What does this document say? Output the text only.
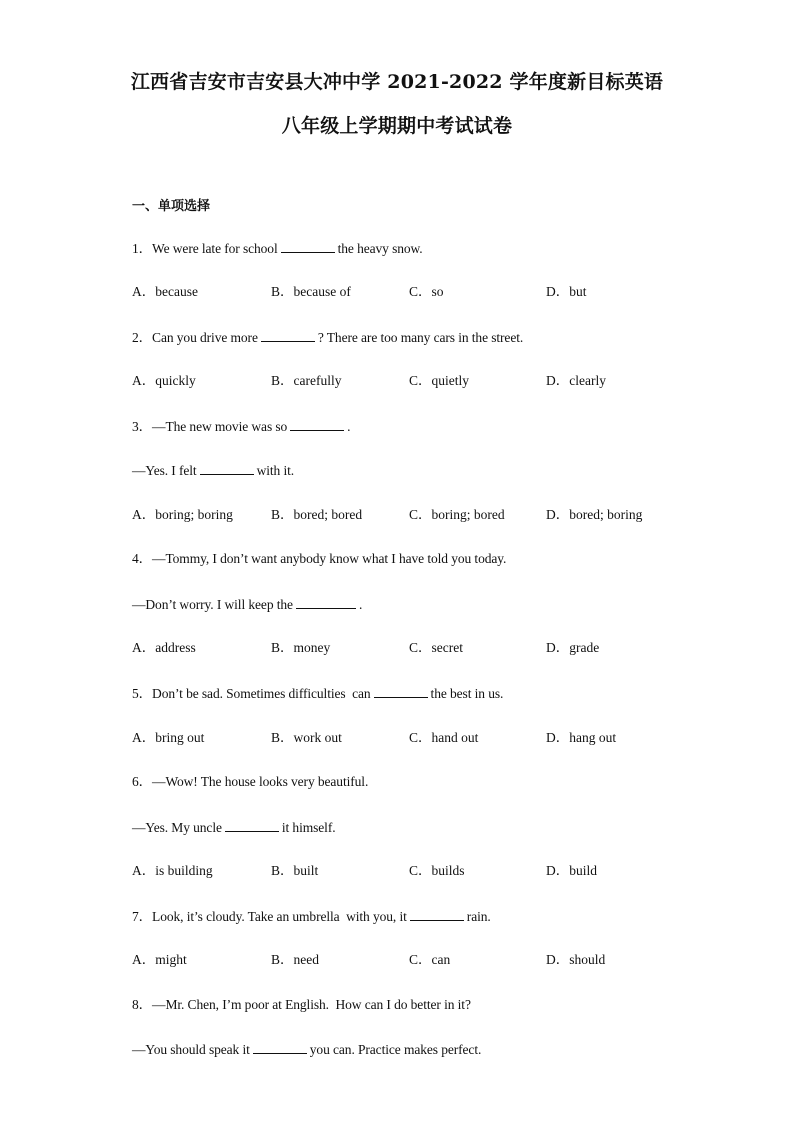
江西省吉安市吉安县大冲中学 2021-2022 学年度新目标英语
八年级上学期期中考试试卷
一、单项选择
1．We were late for school	the heavy snow.
A．because	B．because of	C．so	D．but
2．Can you drive more	? There are too many cars in the street.
A．quickly	B．carefully	C．quietly	D．clearly
3．—The new movie was so	.
—Yes. I felt	with it.
A．boring; boring	B．bored; bored	C．boring; bored	D．bored; boring
4．—Tommy, I don’t want anybody know what I have told you today.
—Don’t worry. I will keep the	.
A．address	B．money	C．secret	D．grade
5．Don’t be sad. Sometimes difficulties  can	the best in us.
A．bring out	B．work out	C．hand out	D．hang out
6．—Wow! The house looks very beautiful.
—Yes. My uncle	it himself.
A．is building	B．built	C．builds	D．build
7．Look, it’s cloudy. Take an umbrella  with you, it	rain.
A．might	B．need	C．can	D．should
8．—Mr. Chen, I’m poor at English.  How can I do better in it?
—You should speak it	you can. Practice makes perfect.
